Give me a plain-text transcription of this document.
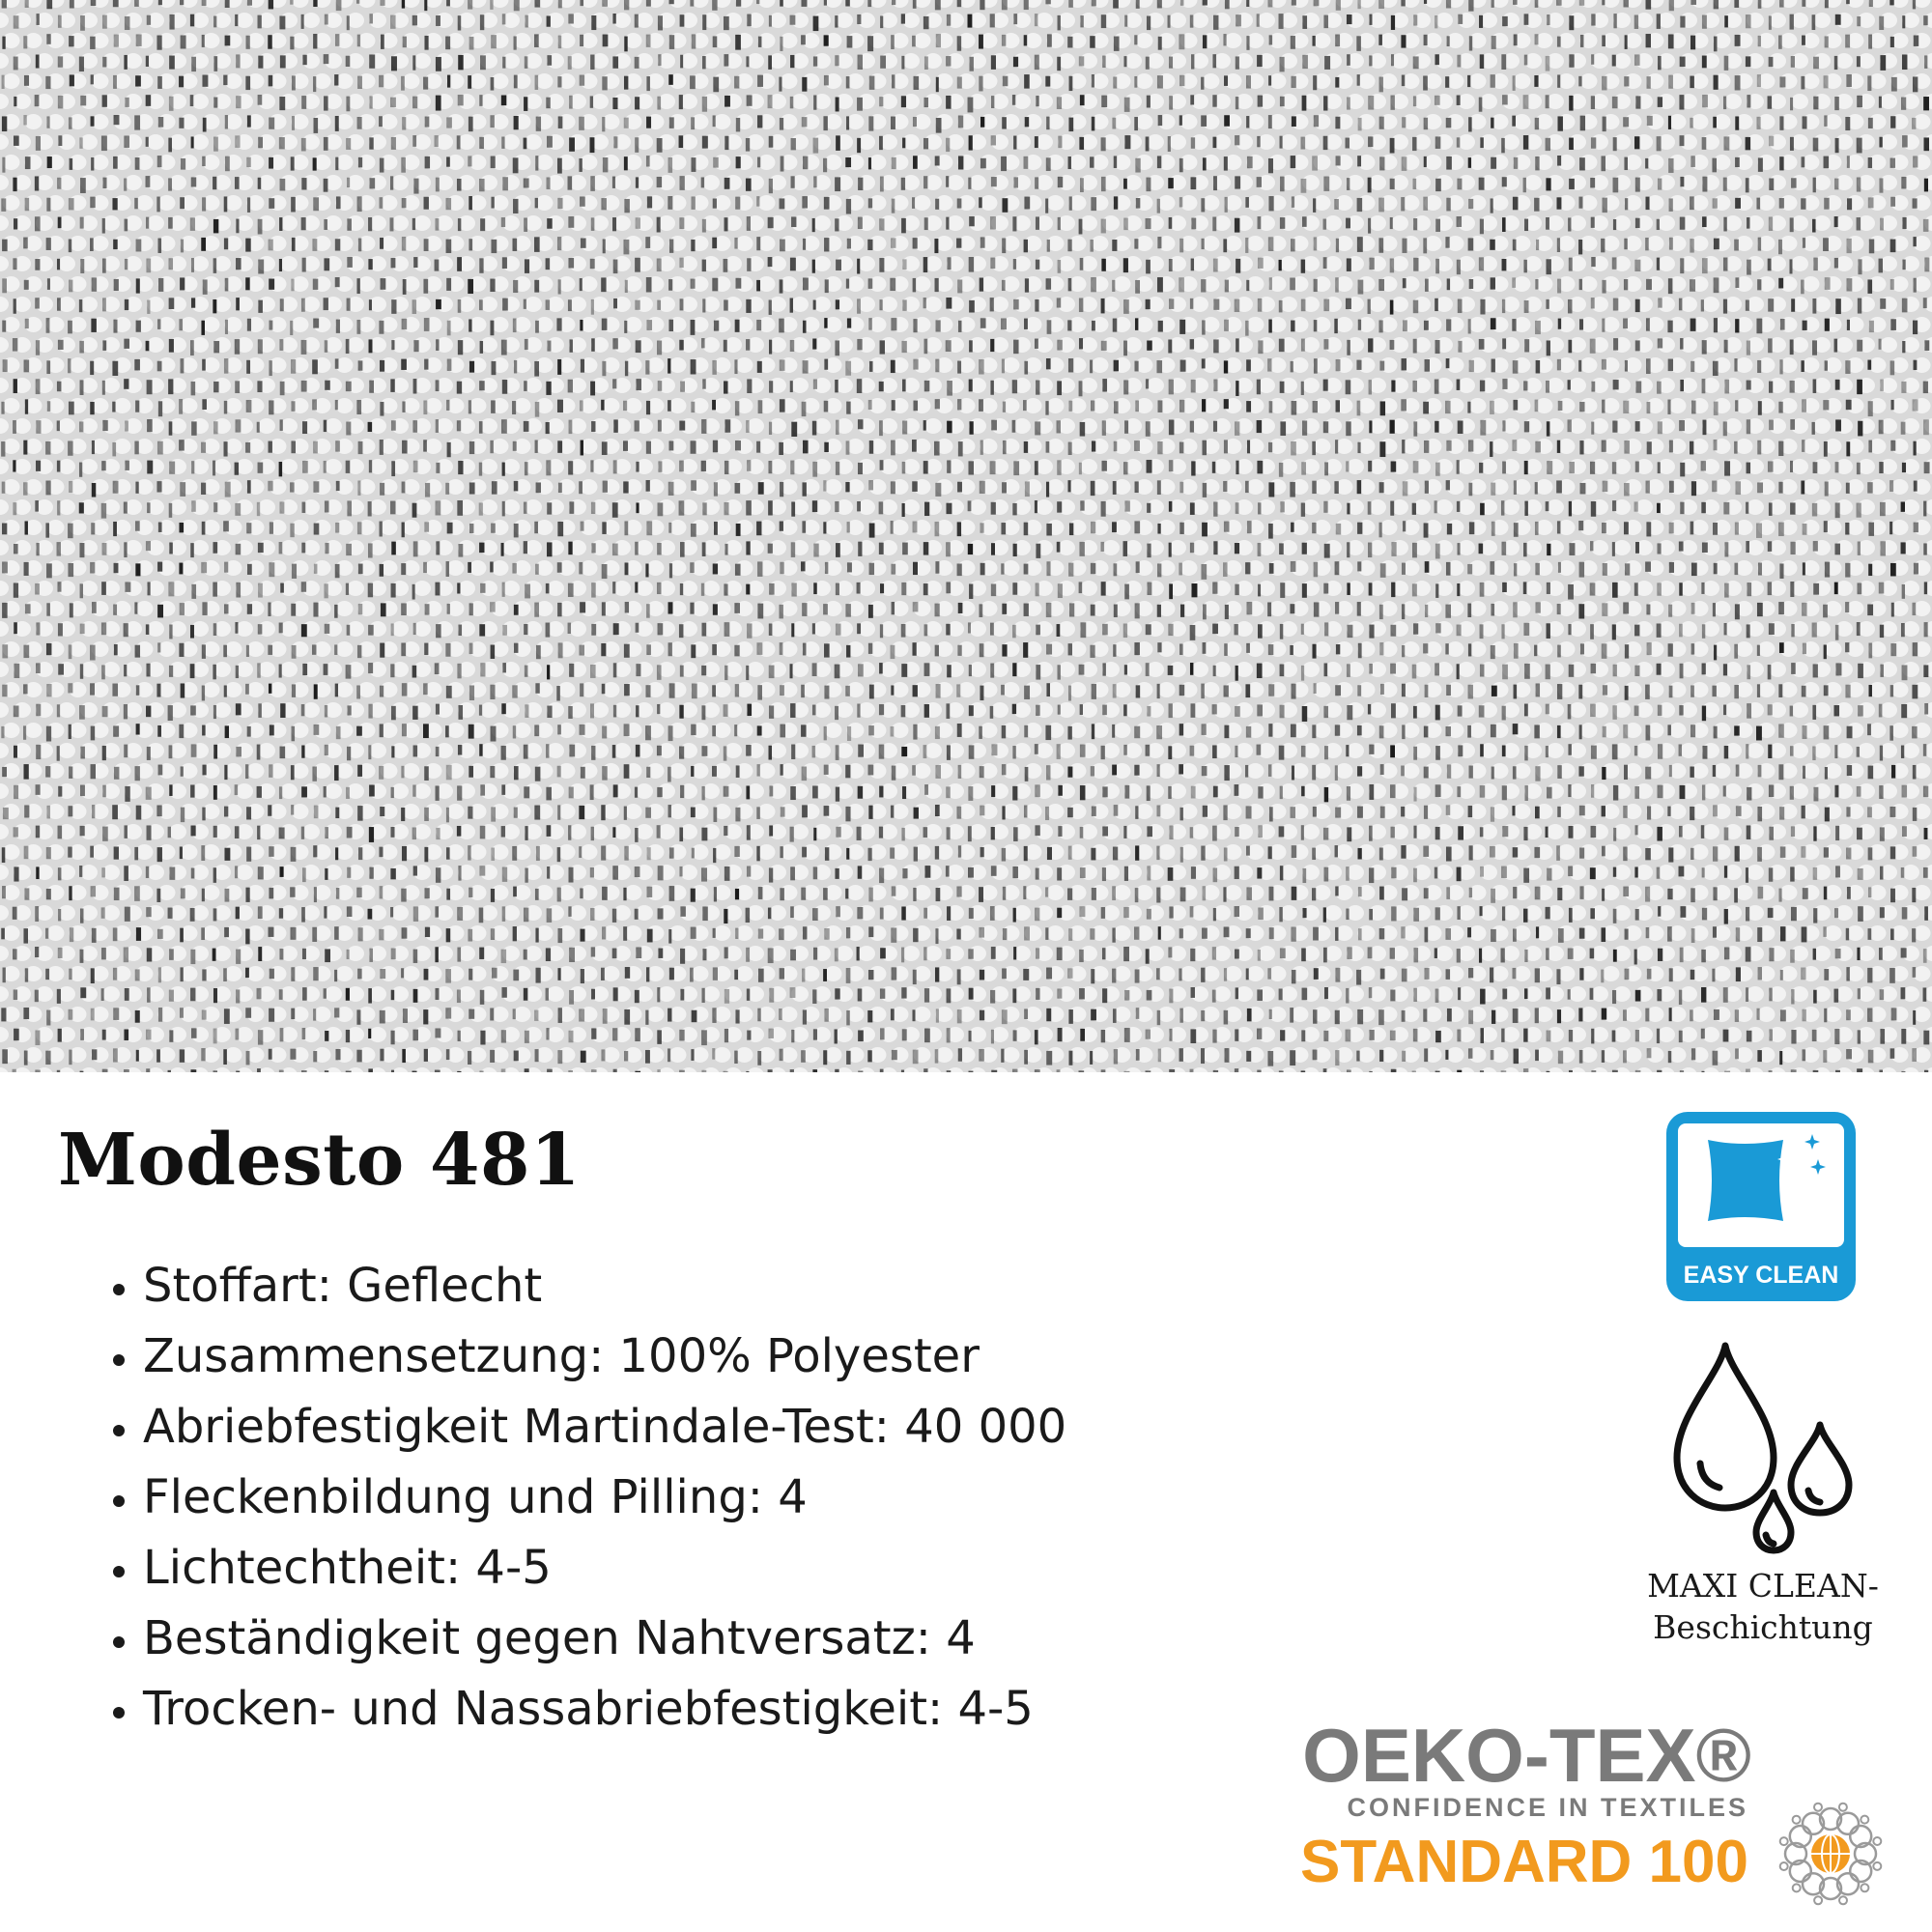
Modesto 481
• Stoffart: Geflecht
• Zusammensetzung: 100% Polyester
• Abriebfestigkeit Martindale-Test: 40 000
• Fleckenbildung und Pilling: 4
• Lichtechtheit: 4-5
• Beständigkeit gegen Nahtversatz: 4
• Trocken- und Nassabriebfestigkeit: 4-5
EASY CLEAN
MAXI CLEAN-
Beschichtung
OEKO-TEX®
CONFIDENCE IN TEXTILES
STANDARD 100
